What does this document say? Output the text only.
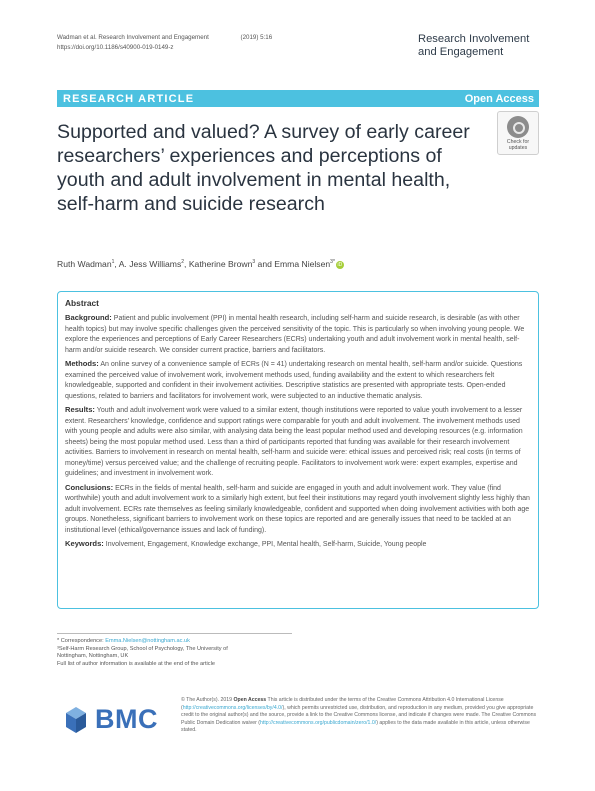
Wadman et al. Research Involvement and Engagement	(2019) 5:16
https://doi.org/10.1186/s40900-019-0149-z
Research Involvement
and Engagement
RESEARCH ARTICLE	Open Access
Supported and valued? A survey of early career researchers’ experiences and perceptions of youth and adult involvement in mental health, self-harm and suicide research
Check for
updates
Ruth Wadman$^1$, A. Jess Williams$^2$, Katherine Brown$^3$ and Emma Nielsen$^{3*}$ iD
Abstract

Background: Patient and public involvement (PPI) in mental health research, including self-harm and suicide research, is desirable (as with other health topics) but may involve specific challenges given the perceived sensitivity of the topic. This is particularly so when involving young people. We explore the experiences and perceptions of Early Career Researchers (ECRs) undertaking youth and adult involvement work in mental health, self-harm and/or suicide research. We consider current practice, barriers and facilitators.

Methods: An online survey of a convenience sample of ECRs (N = 41) undertaking research on mental health, self-harm and/or suicide. Questions examined the perceived value of involvement work, involvement methods used, funding availability and the extent to which researchers felt knowledgeable, supported and confident in their involvement activities. Descriptive statistics are presented with appropriate tests. Open-ended questions, related to barriers and facilitators for involvement work, were subjected to an inductive thematic analysis.

Results: Youth and adult involvement work were valued to a similar extent, though institutions were reported to value youth involvement to a lesser extent. Researchers’ knowledge, confidence and support ratings were comparable for youth and adult involvement. The involvement methods used with young people and adults were also similar, with analysing data being the least popular method used and developing resources (e.g. information sheets) being the most popular method used. Less than a third of participants reported that funding was available for their research involvement activities. Barriers to involvement in research on mental health, self-harm and suicide were: ethical issues and perceived risk; real costs (in terms of money/time) versus perceived value; and the challenge of recruiting people. Facilitators to involvement work were: expert examples, expertise and guidelines; and investment in involvement work.

Conclusions: ECRs in the fields of mental health, self-harm and suicide are engaged in youth and adult involvement work. They value (find worthwhile) youth and adult involvement work to a similarly high extent, but feel their institutions may regard youth involvement slightly less highly than adult involvement. ECRs rate themselves as feeling similarly knowledgeable, confident and supported when doing involvement activities with both age groups. Nonetheless, significant barriers to involvement work on these topics are reported and are generally issues that need to be tackled at an institutional level (ethical/governance issues and lack of funding).

Keywords: Involvement, Engagement, Knowledge exchange, PPI, Mental health, Self-harm, Suicide, Young people

* Correspondence: Emma.Nielsen@nottingham.ac.uk
³Self-Harm Research Group, School of Psychology, The University of
Nottingham, Nottingham, UK
Full list of author information is available at the end of the article
BMC

© The Author(s). 2019 Open Access This article is distributed under the terms of the Creative Commons Attribution 4.0 International License (http://creativecommons.org/licenses/by/4.0/), which permits unrestricted use, distribution, and reproduction in any medium, provided you give appropriate credit to the original author(s) and the source, provide a link to the Creative Commons license, and indicate if changes were made. The Creative Commons Public Domain Dedication waiver (http://creativecommons.org/publicdomain/zero/1.0/) applies to the data made available in this article, unless otherwise stated.
